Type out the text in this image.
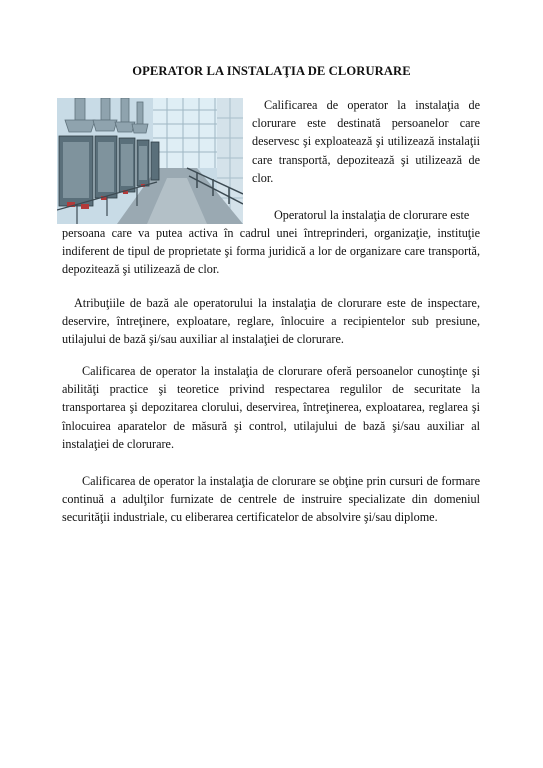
OPERATOR LA INSTALAŢIA DE CLORURARE

Calificarea de operator la instalaţia de clorurare este destinată persoanelor care deservesc şi exploatează şi utilizează instalaţii care transportă, depozitează şi utilizează de clor.

Operatorul la instalaţia de clorurare este

persoana care va putea activa în cadrul unei întreprinderi, organizaţie, instituţie indiferent de tipul de proprietate şi forma juridică a lor de organizare care transportă, depozitează şi utilizează de clor.

Atribuţiile de bază ale operatorului la instalaţia de clorurare este de inspectare, deservire, întreţinere, exploatare, reglare, înlocuire a recipientelor sub presiune, utilajului de bază şi/sau auxiliar al instalaţiei de clorurare.

Calificarea de operator la instalaţia de clorurare oferă persoanelor cunoştinţe şi abilităţi practice şi teoretice privind respectarea regulilor de securitate la transportarea şi depozitarea clorului, deservirea, întreţinerea, exploatarea, reglarea şi înlocuirea aparatelor de măsură şi control, utilajului de bază şi/sau auxiliar al instalaţiei de clorurare.

Calificarea de operator la instalaţia de clorurare se obţine prin cursuri de formare continuă a adulţilor furnizate de centrele de instruire specializate din domeniul securităţii industriale, cu eliberarea certificatelor de absolvire şi/sau diplome.
